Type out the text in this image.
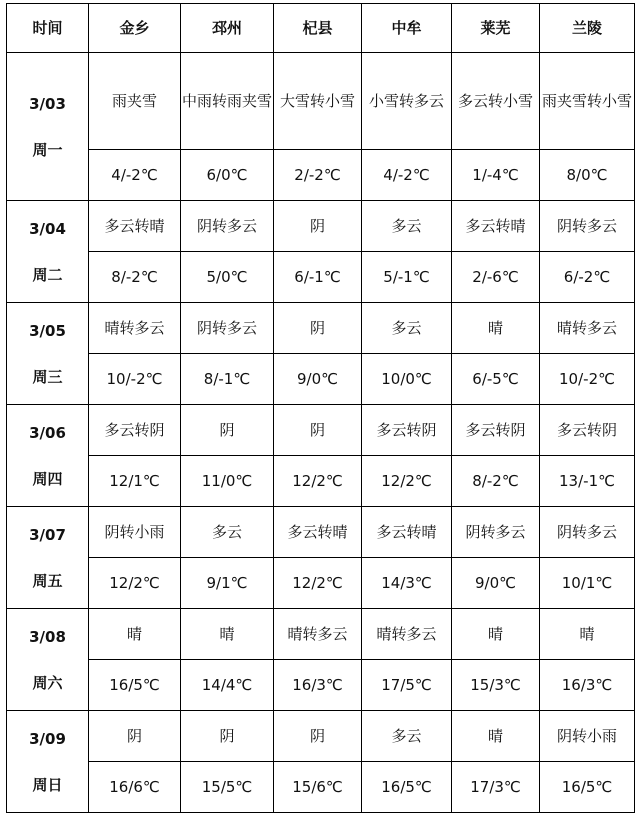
时间	金乡	邳州	杞县	中牟	莱芜	兰陵

3/03
周一	雨夹雪	中雨转雨夹雪	大雪转小雪	小雪转多云	多云转小雪	雨夹雪转小雪
	4/-2℃	6/0℃	2/-2℃	4/-2℃	1/-4℃	8/0℃

3/04
周二	多云转晴	阴转多云	阴	多云	多云转晴	阴转多云
	8/-2℃	5/0℃	6/-1℃	5/-1℃	2/-6℃	6/-2℃

3/05
周三	晴转多云	阴转多云	阴	多云	晴	晴转多云
	10/-2℃	8/-1℃	9/0℃	10/0℃	6/-5℃	10/-2℃

3/06
周四	多云转阴	阴	阴	多云转阴	多云转阴	多云转阴
	12/1℃	11/0℃	12/2℃	12/2℃	8/-2℃	13/-1℃

3/07
周五	阴转小雨	多云	多云转晴	多云转晴	阴转多云	阴转多云
	12/2℃	9/1℃	12/2℃	14/3℃	9/0℃	10/1℃

3/08
周六	晴	晴	晴转多云	晴转多云	晴	晴
	16/5℃	14/4℃	16/3℃	17/5℃	15/3℃	16/3℃

3/09
周日	阴	阴	阴	多云	晴	阴转小雨
	16/6℃	15/5℃	15/6℃	16/5℃	17/3℃	16/5℃
